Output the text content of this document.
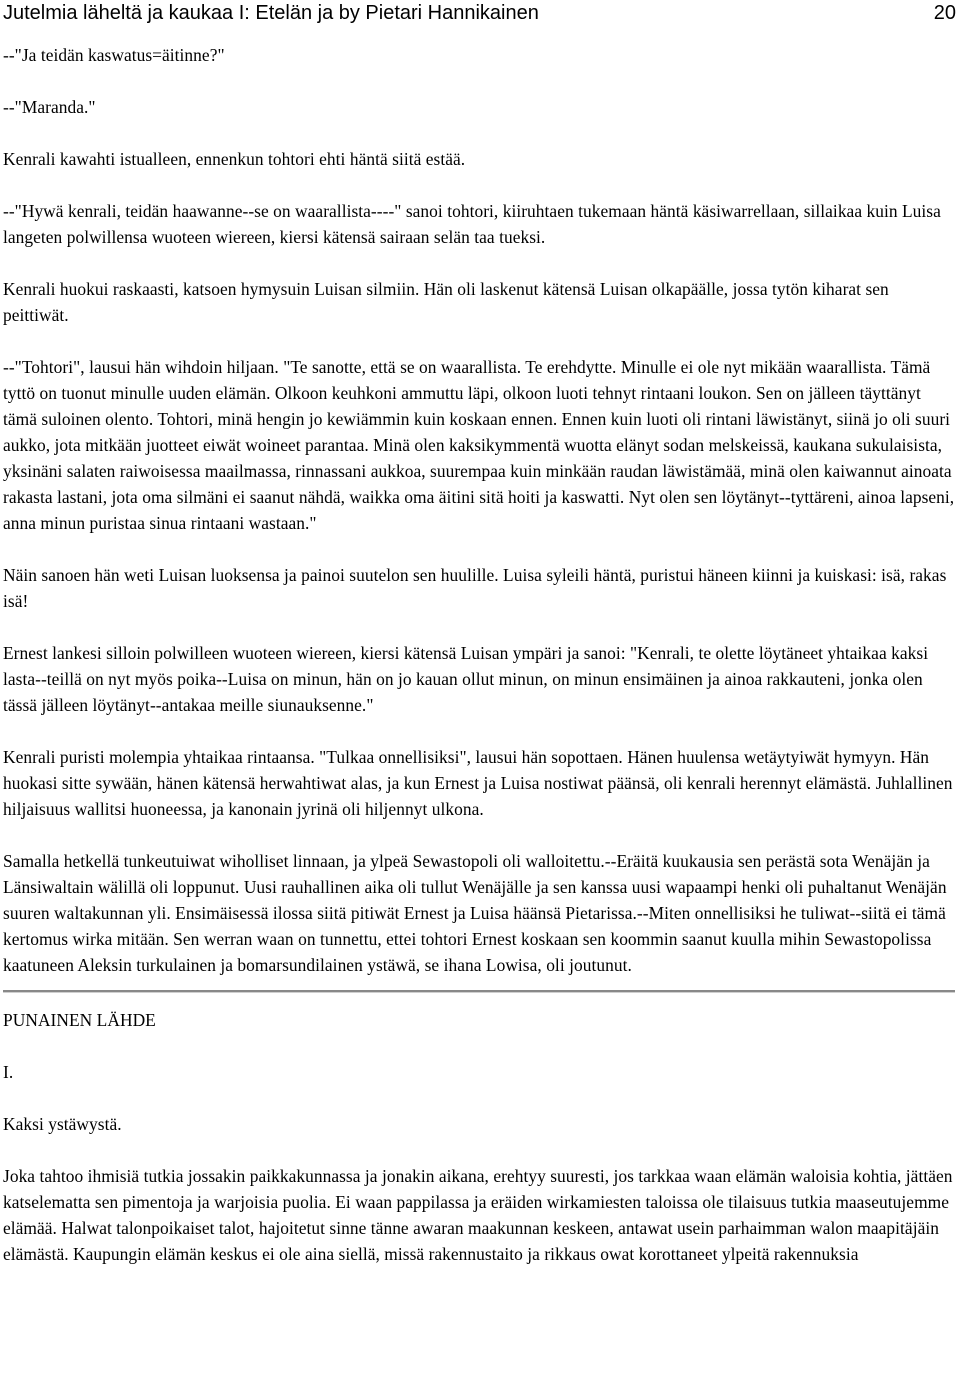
Jutelmia läheltä ja kaukaa I: Etelän ja by Pietari Hannikainen	20

--"Ja teidän kaswatus=äitinne?"

--"Maranda."

Kenrali kawahti istualleen, ennenkun tohtori ehti häntä siitä estää.

--"Hywä kenrali, teidän haawanne--se on waarallista----" sanoi tohtori, kiiruhtaen tukemaan häntä käsiwarrellaan, sillaikaa kuin Luisa langeten polwillensa wuoteen wiereen, kiersi kätensä sairaan selän taa tueksi.

Kenrali huokui raskaasti, katsoen hymysuin Luisan silmiin. Hän oli laskenut kätensä Luisan olkapäälle, jossa tytön kiharat sen peittiwät.

--"Tohtori", lausui hän wihdoin hiljaan. "Te sanotte, että se on waarallista. Te erehdytte. Minulle ei ole nyt mikään waarallista. Tämä tyttö on tuonut minulle uuden elämän. Olkoon keuhkoni ammuttu läpi, olkoon luoti tehnyt rintaani loukon. Sen on jälleen täyttänyt tämä suloinen olento. Tohtori, minä hengin jo kewiämmin kuin koskaan ennen. Ennen kuin luoti oli rintani läwistänyt, siinä jo oli suuri aukko, jota mitkään juotteet eiwät woineet parantaa. Minä olen kaksikymmentä wuotta elänyt sodan melskeissä, kaukana sukulaisista, yksinäni salaten raiwoisessa maailmassa, rinnassani aukkoa, suurempaa kuin minkään raudan läwistämää, minä olen kaiwannut ainoata rakasta lastani, jota oma silmäni ei saanut nähdä, waikka oma äitini sitä hoiti ja kaswatti. Nyt olen sen löytänyt--tyttäreni, ainoa lapseni, anna minun puristaa sinua rintaani wastaan."

Näin sanoen hän weti Luisan luoksensa ja painoi suutelon sen huulille. Luisa syleili häntä, puristui häneen kiinni ja kuiskasi: isä, rakas isä!

Ernest lankesi silloin polwilleen wuoteen wiereen, kiersi kätensä Luisan ympäri ja sanoi: "Kenrali, te olette löytäneet yhtaikaa kaksi lasta--teillä on nyt myös poika--Luisa on minun, hän on jo kauan ollut minun, on minun ensimäinen ja ainoa rakkauteni, jonka olen tässä jälleen löytänyt--antakaa meille siunauksenne."

Kenrali puristi molempia yhtaikaa rintaansa. "Tulkaa onnellisiksi", lausui hän sopottaen. Hänen huulensa wetäytyiwät hymyyn. Hän huokasi sitte sywään, hänen kätensä herwahtiwat alas, ja kun Ernest ja Luisa nostiwat päänsä, oli kenrali herennyt elämästä. Juhlallinen hiljaisuus wallitsi huoneessa, ja kanonain jyrinä oli hiljennyt ulkona.

Samalla hetkellä tunkeutuiwat wiholliset linnaan, ja ylpeä Sewastopoli oli walloitettu.--Eräitä kuukausia sen perästä sota Wenäjän ja Länsiwaltain wälillä oli loppunut. Uusi rauhallinen aika oli tullut Wenäjälle ja sen kanssa uusi wapaampi henki oli puhaltanut Wenäjän suuren waltakunnan yli. Ensimäisessä ilossa siitä pitiwät Ernest ja Luisa häänsä Pietarissa.--Miten onnellisiksi he tuliwat--siitä ei tämä kertomus wirka mitään. Sen werran waan on tunnettu, ettei tohtori Ernest koskaan sen koommin saanut kuulla mihin Sewastopolissa kaatuneen Aleksin turkulainen ja bomarsundilainen ystäwä, se ihana Lowisa, oli joutunut.

PUNAINEN LÄHDE

I.

Kaksi ystäwystä.

Joka tahtoo ihmisiä tutkia jossakin paikkakunnassa ja jonakin aikana, erehtyy suuresti, jos tarkkaa waan elämän waloisia kohtia, jättäen katselematta sen pimentoja ja warjoisia puolia. Ei waan pappilassa ja eräiden wirkamiesten taloissa ole tilaisuus tutkia maaseutujemme elämää. Halwat talonpoikaiset talot, hajoitetut sinne tänne awaran maakunnan keskeen, antawat usein parhaimman walon maapitäjäin elämästä. Kaupungin elämän keskus ei ole aina siellä, missä rakennustaito ja rikkaus owat korottaneet ylpeitä rakennuksia
